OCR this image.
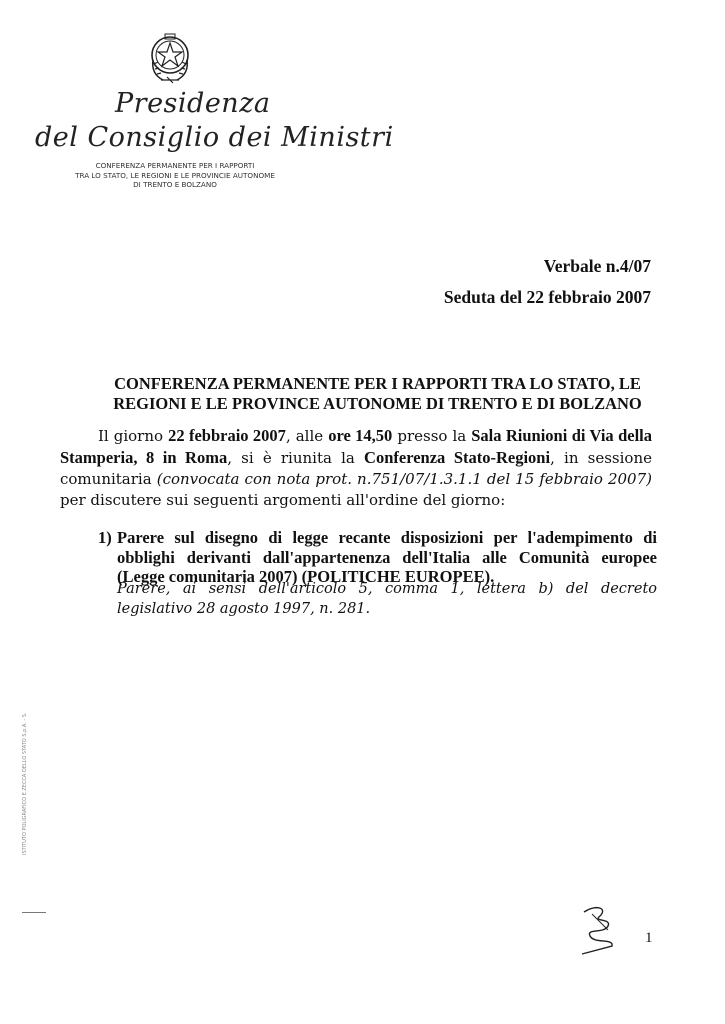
Presidenza
del Consiglio dei Ministri
CONFERENZA PERMANENTE PER I RAPPORTI
TRA LO STATO, LE REGIONI E LE PROVINCIE AUTONOME
DI TRENTO E BOLZANO
Verbale n.4/07
Seduta del 22 febbraio 2007
CONFERENZA PERMANENTE PER I RAPPORTI TRA LO STATO, LE
REGIONI E LE PROVINCE AUTONOME DI TRENTO E DI BOLZANO
Il giorno 22 febbraio 2007, alle ore 14,50 presso la Sala Riunioni di Via della Stamperia, 8 in Roma, si è riunita la Conferenza Stato-Regioni, in sessione comunitaria (convocata con nota prot. n.751/07/1.3.1.1 del 15 febbraio 2007) per discutere sui seguenti argomenti all'ordine del giorno:
1) Parere sul disegno di legge recante disposizioni per l'adempimento di obblighi derivanti dall'appartenenza dell'Italia alle Comunità europee (Legge comunitaria 2007) (POLITICHE EUROPEE).
Parere, ai sensi dell'articolo 5, comma 1, lettera b) del decreto legislativo 28 agosto 1997, n. 281.
ISTITUTO POLIGRAFICO E ZECCA DELLO STATO S.p.A. - S.
1
